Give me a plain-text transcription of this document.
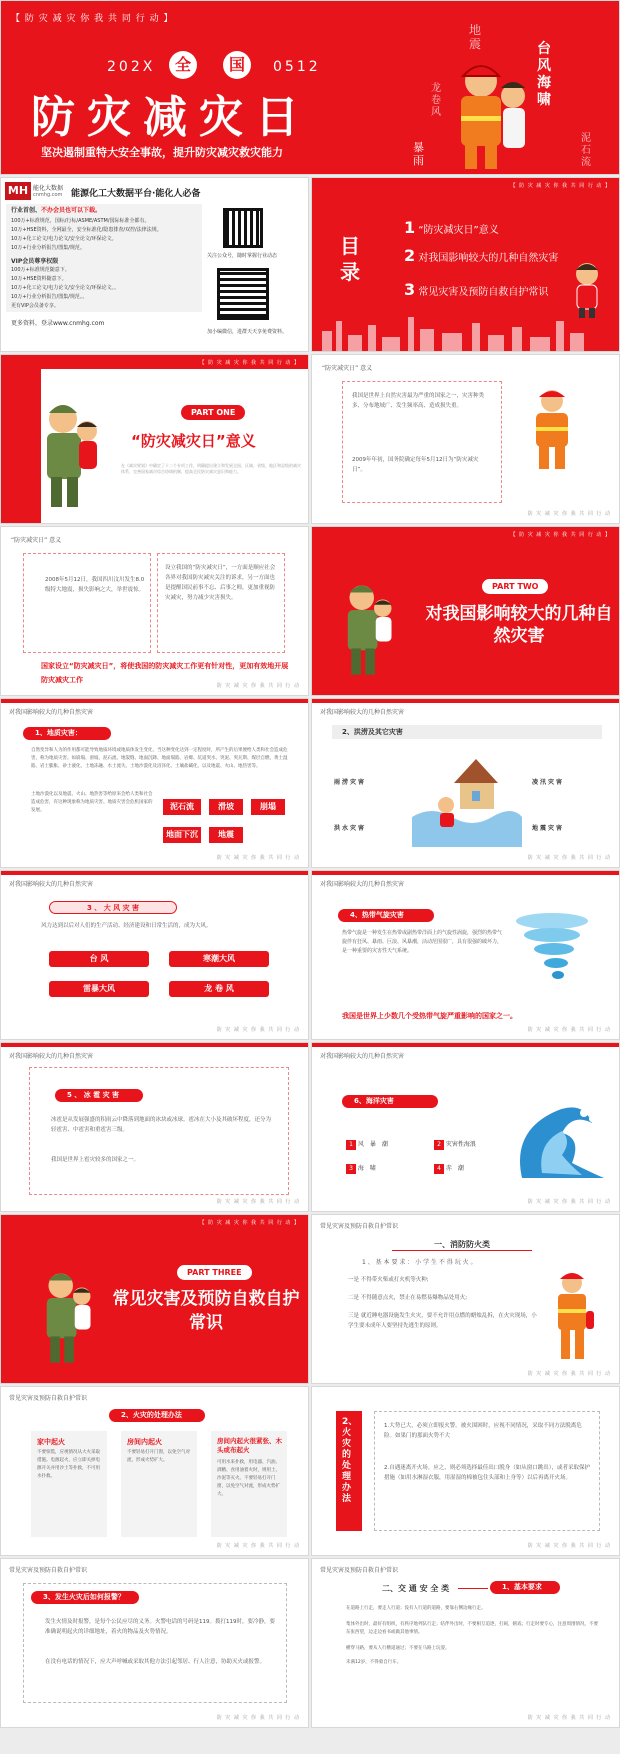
【 防 灾 减 灾 你 我 共 同 行 动 】
202X	全	国	0512
防灾减灾日
坚决遏制重特大安全事故，提升防灾减灾救灾能力
地震	台风海啸
龙卷风
暴雨
泥石流
MH 能化大数据
cnmhg.com 能源化工大数据平台·能化人必备
行业首创、不办会员也可以下载。
100万+标准规范，国标/行标/ASME/ASTM/国际标准全都有。
10万+HSE资料，全网最全，安全标准化/隐患排查/双控/法律法规。
10万+化工论文/电力论文/安全论文/环保论文。
10万+行业分析报告/图集/规范。
VIP会员尊享权限
100万+标准规范随意下。
10万+HSE资料随意下。
10万+化工论文/电力论文/安全论文/环保论文。。
10万+行业分析报告/图集/规范。。
更有VIP会员备专享。
更多资料，登录www.cnmhg.com
关注公众号，随时掌握行业动态
加小编微信，进群天天享免费资料。
【 防 灾 减 灾 你 我 共 同 行 动 】
目录
1 “防灾减灾日”意义
2 对我国影响较大的几种自然灾害
3 常见灾害及预防自救自护常识
【 防 灾 减 灾 你 我 共 同 行 动 】
PART ONE
“防灾减灾日”意义
在《减灾规划》中确定了十二个专项工作，明确提出建立和发展全国、区域、省级、地区和县级的减灾体系，完善国家减灾综合协调机制，提高全民防灾减灾意识和能力。
“防灾减灾日” 意义
我国是世界上自然灾害最为严重的国家之一，灾害种类多、分布地域广、发生频率高、造成损失重。
2009年年初，国务院确定每年5月12日为“防灾减灾日”。
防 灾 减 灾 你 我 共 同 行 动
“防灾减灾日” 意义
2008年5月12日，我国四川汶川发生8.0级特大地震，损失影响之大，举世震惊。
设立我国的“防灾减灾日”，一方面是顺应社会各界对我国防灾减灾关注的诉求，另一方面也是提醒国民前事不忘、后事之师，更加重视防灾减灾，努力减少灾害损失。
国家设立“防灾减灾日”，将使我国的防灾减灾工作更有针对性，更加有效地开展防灾减灾工作
防 灾 减 灾 你 我 共 同 行 动
【 防 灾 减 灾 你 我 共 同 行 动 】
PART TWO
对我国影响较大的几种自然灾害
对我国影响较大的几种自然灾害
1、地质灾害：
自然变异和人为的作用都可能导致地质环境或地质体发生变化，当这种变化达到一定程度时，所产生的后果便给人类和社会造成危害，称为地质灾害。如崩塌、滑坡、泥石流、地裂缝、地面沉降、地面塌陷、岩爆、坑道突水、突泥、突瓦斯、煤层自燃、黄土湿陷、岩土膨胀、砂土液化，土地冻融、水土流失、土地沙漠化及沼泽化、土壤盐碱化，以及地震、火山、地热害等。
土地沙漠化以及地震、火山、地热害等给原来会给人类和社会造成危害，有这种现象称为地质灾害。地质灾害会危机国家的发展。	泥石流	滑坡	崩塌
地面下沉	地震
防 灾 减 灾 你 我 共 同 行 动
对我国影响较大的几种自然灾害
2、洪涝及其它灾害
雨涝灾害	凌汛灾害
洪水灾害	地震灾害
防 灾 减 灾 你 我 共 同 行 动
对我国影响较大的几种自然灾害
3 、 大 风 灾 害
风力达到以后对人们的生产活动、经济建设和日常生活的，成为大风。
台 风	寒潮大风
雷暴大风	龙 卷 风
防 灾 减 灾 你 我 共 同 行 动
对我国影响较大的几种自然灾害
4、热带气旋灾害
热带气旋是一种发生在热带或副热带洋面上的气旋性涡旋，强烈的热带气旋伴有狂风、暴雨、巨浪、风暴潮，活动范围很广，具有很强的破坏力，是一种重要的灾害性天气系统。
我国是世界上少数几个受热带气旋严重影响的国家之一。
防 灾 减 灾 你 我 共 同 行 动
对我国影响较大的几种自然灾害
5 、 冰 雹 灾 害
冰雹是从发展强盛的积雨云中降落到地面的冰块或冰球。雹冰在大小及其破坏程度，还分为轻雹害、中雹害和重雹害三级。
我国是世界上雹灾较多的国家之一。
防 灾 减 灾 你 我 共 同 行 动
对我国影响较大的几种自然灾害
6、海洋灾害
1 风　暴　潮	2 灾害性海浪
3 海　啸	4 赤　潮
防 灾 减 灾 你 我 共 同 行 动
【 防 灾 减 灾 你 我 共 同 行 动 】
PART THREE
常见灾害及预防自救自护常识
常见灾害及预防自救自护常识
一、消防防火类
1 、 基 本 要 求 ： 小 学 生 不 得 玩 火 。
一是 不得带火柴或打火机等火种;
二是 不得随意点火，禁止在易燃易爆物品处用火;
三是 就近睡电器设施发生火灾，要不允许用点燃的蜡烛乱拆，在火灾现场，小学生要未成年人要坚持先逃生的原则。
防 灾 减 灾 你 我 共 同 行 动
常见灾害及预防自救自护常识
2、火灾的处理办法
家中起火
不要惊慌，应视情况从大火采取措施。电源起火，应立即关掉电源开关并用沙土等扑救，不可用水扑救。
房间内起火
不要轻易打开门窗，以免空气对流，形成火势扩大。
房间内起火很紧张、木头或布起火
可用水来扑救，用电器、汽油、酒精、食用油着火时，则用土、沙泥等灭火。不要轻易打开门窗，以免空气对流，形成火势扩大。
防 灾 减 灾 你 我 共 同 行 动
2、火灾的处理办法
1.大势已大，必须立即报火警。被火围困时，应视不同情况，采取不同方法脱离危险。如果门的那面火势不大
2.自遇迷离开火场。应之，则必须选择最佳出口脱身（如从窗口跳出），或者采取保护措施（如用水淋湿衣服，用湿湿的棉被包住头部和上身等）以后再离开火场。
防 灾 减 灾 你 我 共 同 行 动
常见灾害及预防自救自护常识
3、发生火灾后如何报警？
发生火情及时报警，是每个公民应尽的义务。火警电话的号码是119。拨打119时，要冷静，要准确说明起火的详细地址，着火的物品及火势情况。
在没有电话的情况下，应大声呼喊或采取其他方法引起邻居、行人注意，协助灭火或报警。
防 灾 减 灾 你 我 共 同 行 动
常见灾害及预防自救自护常识
二、交 通 安 全 类	1、基本要求
在道路上行走，要走人行道；没有人行道的道路，要靠右侧边缘行走。
集体外出时，最好有组织，有秩序地列队行走；结伴外出时，不要相互追逐，打闹，嬉戏；行走时要专心，注意周围情况，不要东张西望，边走边看书或做其他事情。
横穿马路，要从人行横道通过；不要在马路上玩耍。
未满12岁，不得骑自行车。
防 灾 减 灾 你 我 共 同 行 动
